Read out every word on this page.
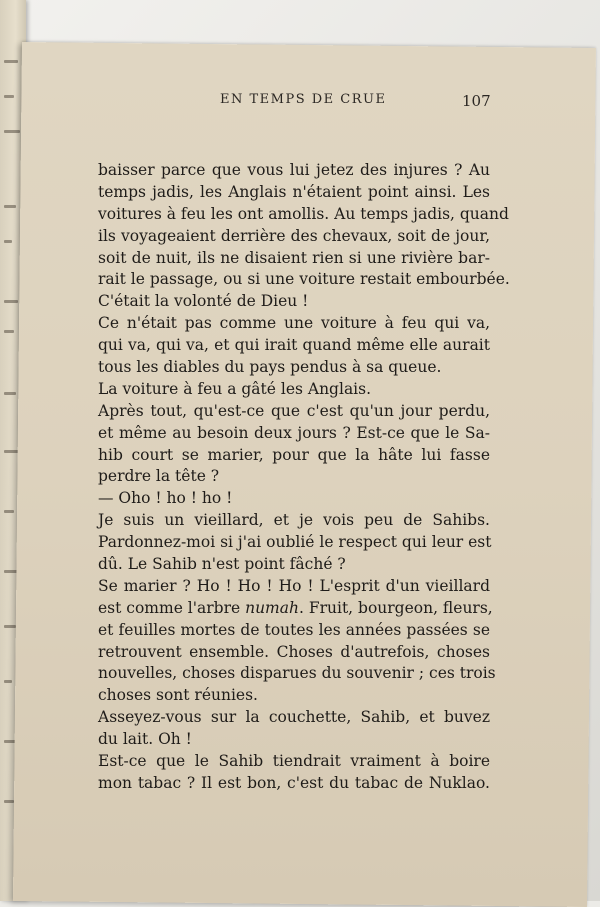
EN TEMPS DE CRUE	107
baisser parce que vous lui jetez des injures ? Au
temps jadis, les Anglais n'étaient point ainsi. Les
voitures à feu les ont amollis. Au temps jadis, quand
ils voyageaient derrière des chevaux, soit de jour,
soit de nuit, ils ne disaient rien si une rivière bar-
rait le passage, ou si une voiture restait embourbée.
C'était la volonté de Dieu !
Ce n'était pas comme une voiture à feu qui va,
qui va, qui va, et qui irait quand même elle aurait
tous les diables du pays pendus à sa queue.
La voiture à feu a gâté les Anglais.
Après tout, qu'est-ce que c'est qu'un jour perdu,
et même au besoin deux jours ? Est-ce que le Sa-
hib court se marier, pour que la hâte lui fasse
perdre la tête ?
— Oho ! ho ! ho !
Je suis un vieillard, et je vois peu de Sahibs.
Pardonnez-moi si j'ai oublié le respect qui leur est
dû. Le Sahib n'est point fâché ?
Se marier ? Ho ! Ho ! Ho ! L'esprit d'un vieillard
est comme l'arbre numah. Fruit, bourgeon, fleurs,
et feuilles mortes de toutes les années passées se
retrouvent ensemble. Choses d'autrefois, choses
nouvelles, choses disparues du souvenir ; ces trois
choses sont réunies.
Asseyez-vous sur la couchette, Sahib, et buvez
du lait. Oh !
Est-ce que le Sahib tiendrait vraiment à boire
mon tabac ? Il est bon, c'est du tabac de Nuklao.
